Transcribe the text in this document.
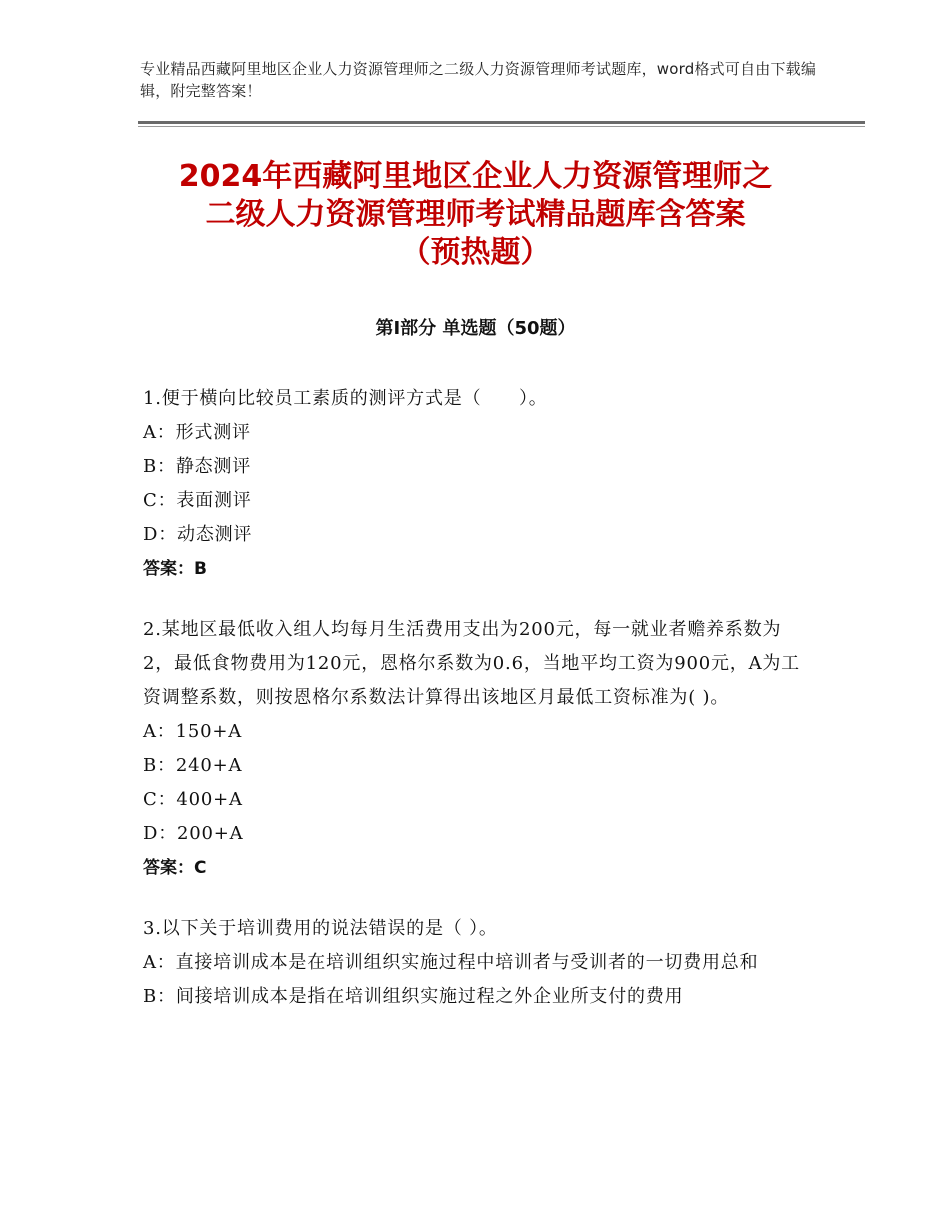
专业精品西藏阿里地区企业人力资源管理师之二级人力资源管理师考试题库，word格式可自由下载编辑，附完整答案！
2024年西藏阿里地区企业人力资源管理师之
二级人力资源管理师考试精品题库含答案
（预热题）
第Ⅰ部分 单选题（50题）
1.便于横向比较员工素质的测评方式是（　　）。
A：形式测评
B：静态测评
C：表面测评
D：动态测评
答案：B
2.某地区最低收入组人均每月生活费用支出为200元，每一就业者赡养系数为2，最低食物费用为120元，恩格尔系数为0.6，当地平均工资为900元，A为工资调整系数，则按恩格尔系数法计算得出该地区月最低工资标准为( )。
A：150+A
B：240+A
C：400+A
D：200+A
答案：C
3.以下关于培训费用的说法错误的是（ ）。
A：直接培训成本是在培训组织实施过程中培训者与受训者的一切费用总和
B：间接培训成本是指在培训组织实施过程之外企业所支付的费用
